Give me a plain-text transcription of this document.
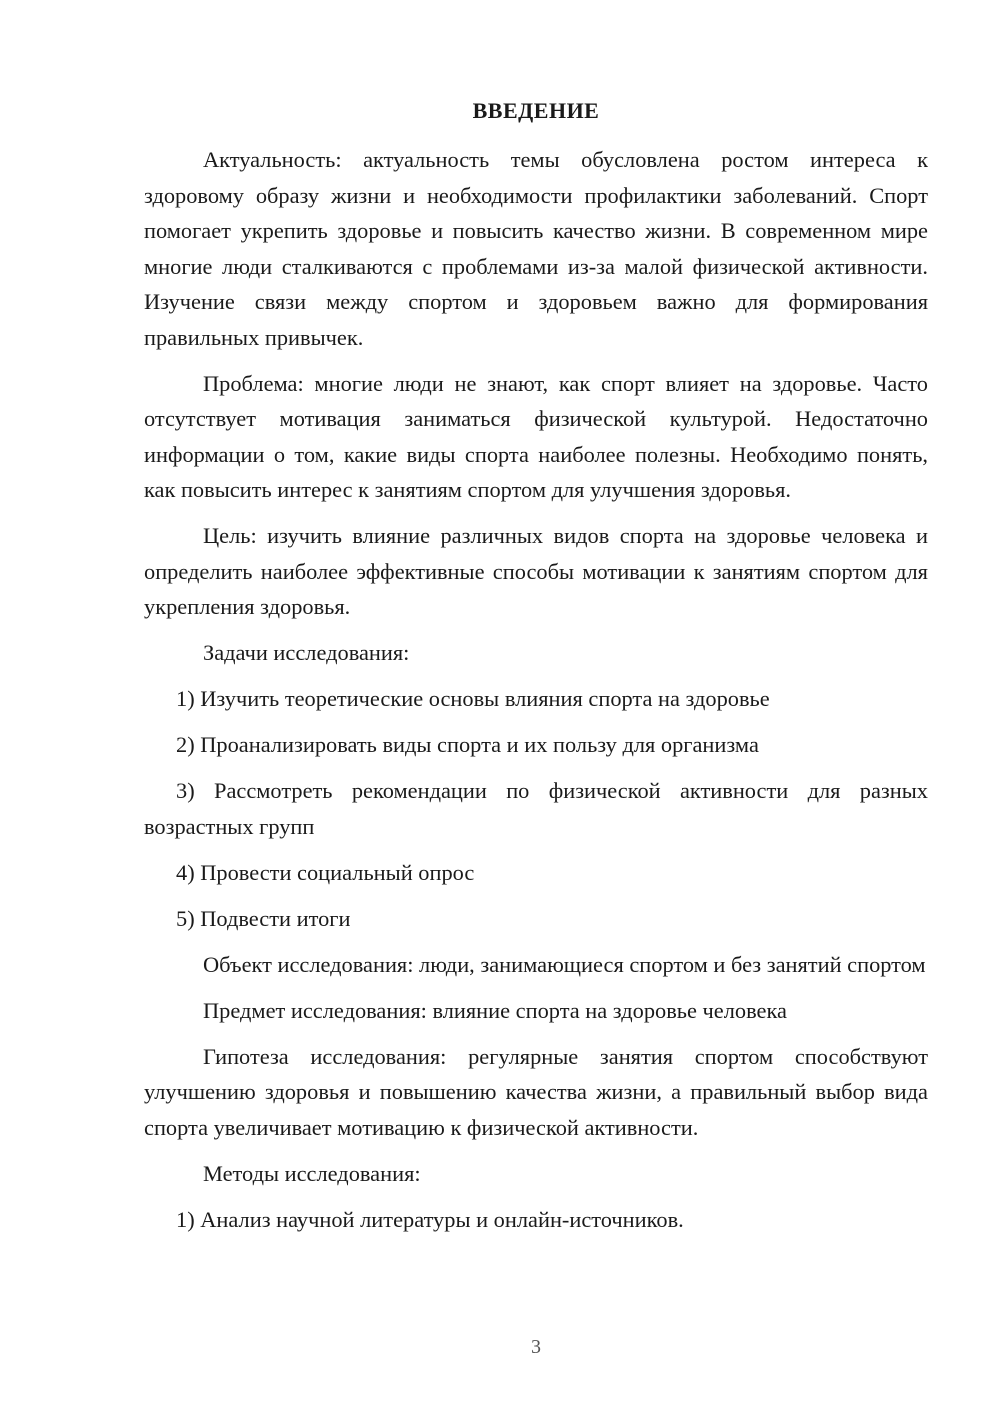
ВВЕДЕНИЕ

Актуальность: актуальность темы обусловлена ростом интереса к здоровому образу жизни и необходимости профилактики заболеваний. Спорт помогает укрепить здоровье и повысить качество жизни. В современном мире многие люди сталкиваются с проблемами из-за малой физической активности. Изучение связи между спортом и здоровьем важно для формирования правильных привычек.

Проблема: многие люди не знают, как спорт влияет на здоровье. Часто отсутствует мотивация заниматься физической культурой. Недостаточно информации о том, какие виды спорта наиболее полезны. Необходимо понять, как повысить интерес к занятиям спортом для улучшения здоровья.

Цель: изучить влияние различных видов спорта на здоровье человека и определить наиболее эффективные способы мотивации к занятиям спортом для укрепления здоровья.

Задачи исследования:

1) Изучить теоретические основы влияния спорта на здоровье

2) Проанализировать виды спорта и их пользу для организма

3) Рассмотреть рекомендации по физической активности для разных возрастных групп

4) Провести социальный опрос

5) Подвести итоги

Объект исследования: люди, занимающиеся спортом и без занятий спортом

Предмет исследования: влияние спорта на здоровье человека

Гипотеза исследования: регулярные занятия спортом способствуют улучшению здоровья и повышению качества жизни, а правильный выбор вида спорта увеличивает мотивацию к физической активности.

Методы исследования:

1) Анализ научной литературы и онлайн-источников.

3
